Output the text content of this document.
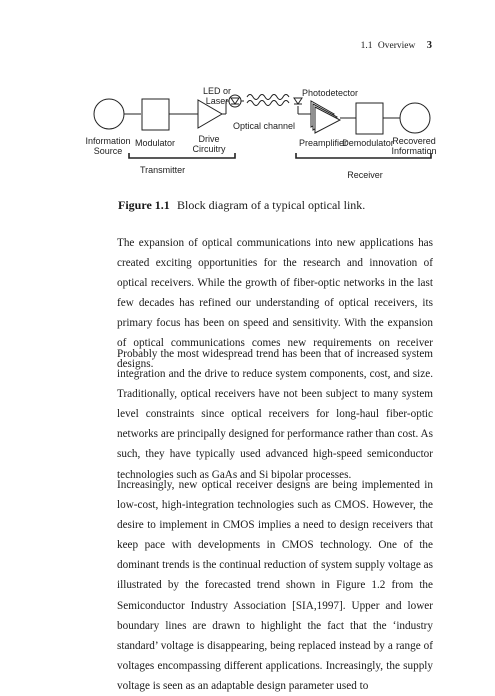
1.1 Overview 3
Information
Source
Modulator	Drive
Circuitry
LED or
Laser
Optical channel
Photodetector
Preamplifier
Demodulator
Recovered
Information
Transmitter	Receiver
Figure 1.1 Block diagram of a typical optical link.

The expansion of optical communications into new applications has created exciting opportunities for the research and innovation of optical receivers. While the growth of fiber-optic networks in the last few decades has refined our understanding of optical receivers, its primary focus has been on speed and sensitivity. With the expansion of optical communications comes new requirements on receiver designs.

Probably the most widespread trend has been that of increased system integration and the drive to reduce system components, cost, and size. Traditionally, optical receivers have not been subject to many system level constraints since optical receivers for long-haul fiber-optic networks are principally designed for performance rather than cost. As such, they have typically used advanced high-speed semiconductor technologies such as GaAs and Si bipolar processes.

Increasingly, new optical receiver designs are being implemented in low-cost, high-integration technologies such as CMOS. However, the desire to implement in CMOS implies a need to design receivers that keep pace with developments in CMOS technology. One of the dominant trends is the continual reduction of system supply voltage as illustrated by the forecasted trend shown in Figure 1.2 from the Semiconductor Industry Association [SIA,1997]. Upper and lower boundary lines are drawn to highlight the fact that the ‘industry standard’ voltage is disappearing, being replaced instead by a range of voltages encompassing different applications. Increasingly, the supply voltage is seen as an adaptable design parameter used to
